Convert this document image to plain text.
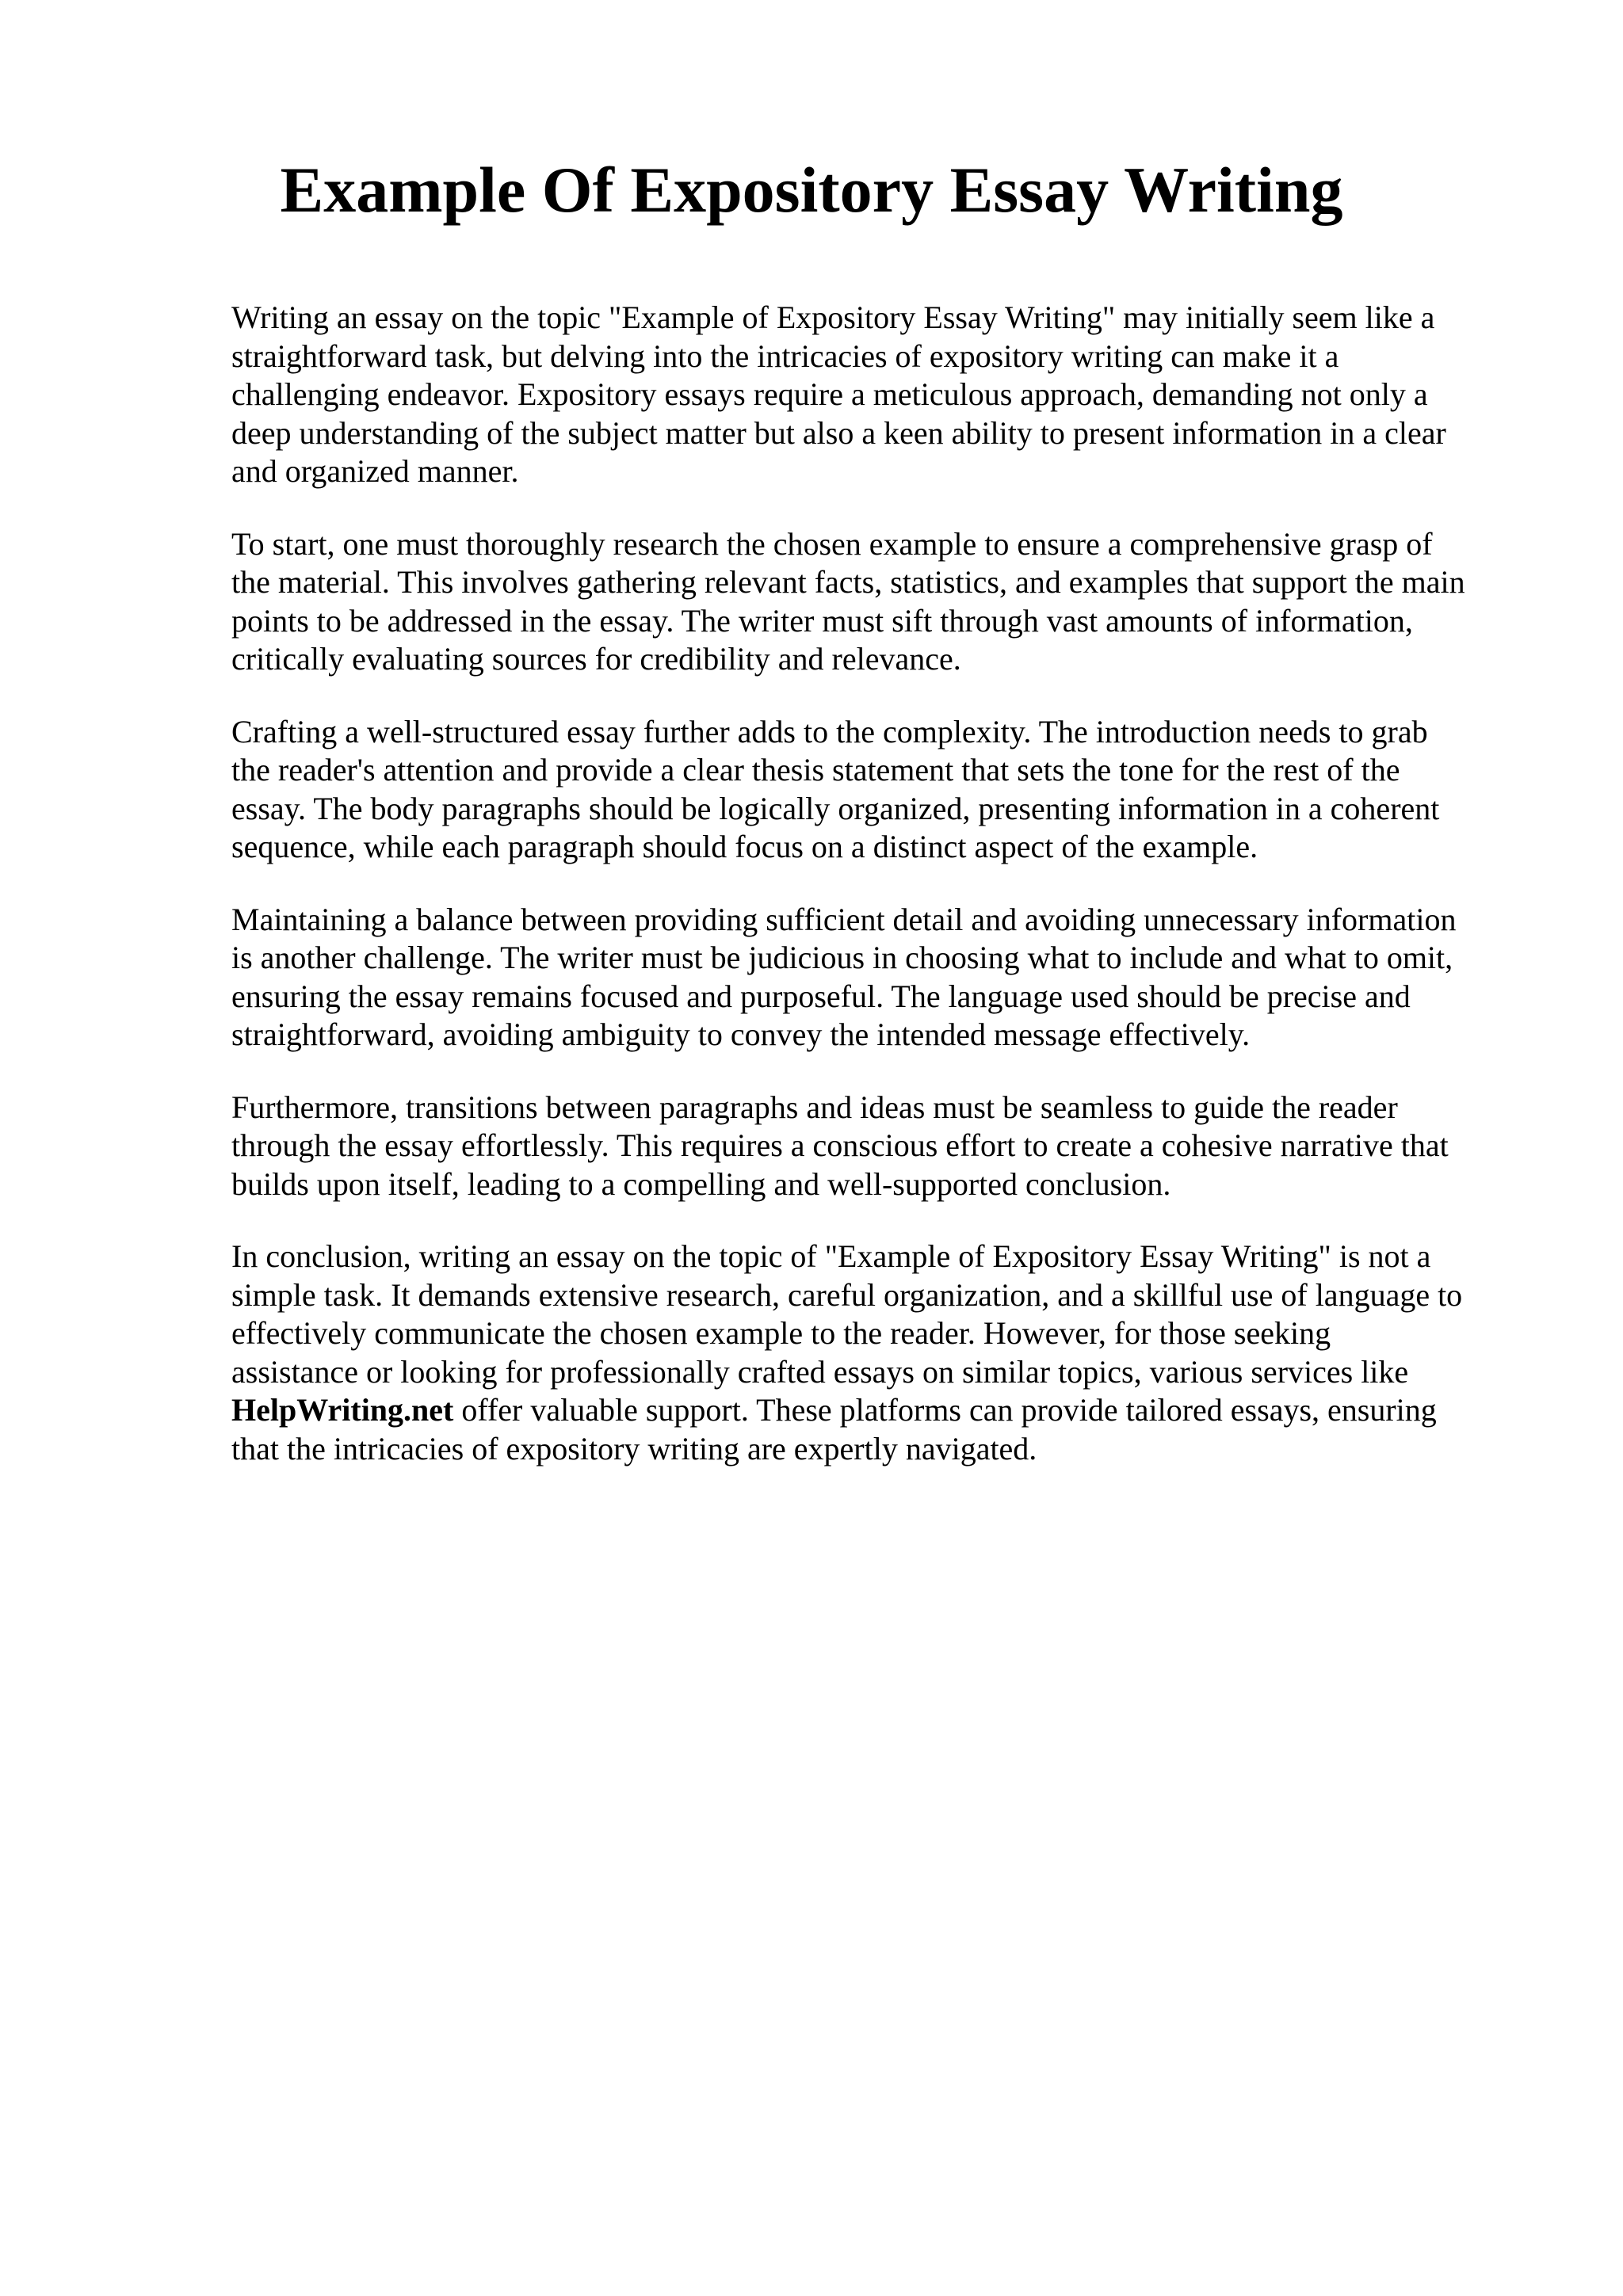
Example Of Expository Essay Writing

Writing an essay on the topic "Example of Expository Essay Writing" may initially seem like a
straightforward task, but delving into the intricacies of expository writing can make it a
challenging endeavor. Expository essays require a meticulous approach, demanding not only a
deep understanding of the subject matter but also a keen ability to present information in a clear
and organized manner.

To start, one must thoroughly research the chosen example to ensure a comprehensive grasp of
the material. This involves gathering relevant facts, statistics, and examples that support the main
points to be addressed in the essay. The writer must sift through vast amounts of information,
critically evaluating sources for credibility and relevance.

Crafting a well-structured essay further adds to the complexity. The introduction needs to grab
the reader's attention and provide a clear thesis statement that sets the tone for the rest of the
essay. The body paragraphs should be logically organized, presenting information in a coherent
sequence, while each paragraph should focus on a distinct aspect of the example.

Maintaining a balance between providing sufficient detail and avoiding unnecessary information
is another challenge. The writer must be judicious in choosing what to include and what to omit,
ensuring the essay remains focused and purposeful. The language used should be precise and
straightforward, avoiding ambiguity to convey the intended message effectively.

Furthermore, transitions between paragraphs and ideas must be seamless to guide the reader
through the essay effortlessly. This requires a conscious effort to create a cohesive narrative that
builds upon itself, leading to a compelling and well-supported conclusion.

In conclusion, writing an essay on the topic of "Example of Expository Essay Writing" is not a
simple task. It demands extensive research, careful organization, and a skillful use of language to
effectively communicate the chosen example to the reader. However, for those seeking
assistance or looking for professionally crafted essays on similar topics, various services like
HelpWriting.net offer valuable support. These platforms can provide tailored essays, ensuring
that the intricacies of expository writing are expertly navigated.
